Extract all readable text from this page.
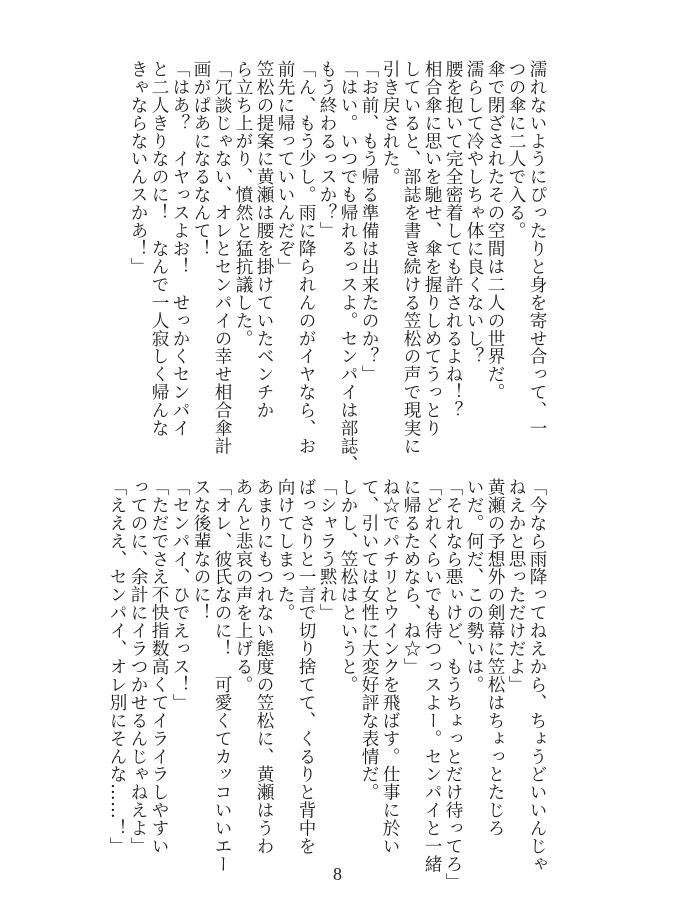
濡れないようにぴったりと身を寄せ合って、一
つの傘に二人で入る。
傘で閉ざされたその空間は二人の世界だ。
濡らして冷やしちゃ体に良くないし？
腰を抱いて完全密着しても許されるよね！？
相合傘に思いを馳せ、傘を握りしめてうっとり
していると、部誌を書き続ける笠松の声で現実に
引き戻された。
「お前、もう帰る準備は出来たのか？」
「はい。いつでも帰れるっスよ。センパイは部誌、
もう終わるっスか？」
「ん、もう少し。雨に降られんのがイヤなら、お
前先に帰っていいんだぞ」
笠松の提案に黄瀬は腰を掛けていたベンチか
ら立ち上がり、憤然と猛抗議した。
「冗談じゃない、オレとセンパイの幸せ相合傘計
画がぱあになるなんて！
「はあ？　イヤっスよお！　せっかくセンパイ
と二人きりなのに！　なんで一人寂しく帰んな
きゃならないんスかあ！」
「今なら雨降ってねえから、ちょうどいいんじゃ
ねえかと思っただけだよ」
黄瀬の予想外の剣幕に笠松はちょっとたじろ
いだ。何だ、この勢いは。
「それなら悪ぃけど、もうちょっとだけ待ってろ」
「どれくらいでも待つっスよー。センパイと一緒
に帰るためなら、ね☆」
ね☆でパチリとウインクを飛ばす。仕事に於い
て、引いては女性に大変好評な表情だ。
しかし、笠松はというと。
「シャラう黙れ」
ばっさりと一言で切り捨てて、くるりと背中を
向けてしまった。
あまりにもつれない態度の笠松に、黄瀬はうわ
あんと悲哀の声を上げる。
「オレ、彼氏なのに！　可愛くてカッコいいエー
スな後輩なのに！
「センパイ、ひでえっス！」
「ただでさえ不快指数高くてイライラしやすい
ってのに、余計にイラつかせるんじゃねえよ」
「えええ、センパイ、オレ別にそんな……！」
8
